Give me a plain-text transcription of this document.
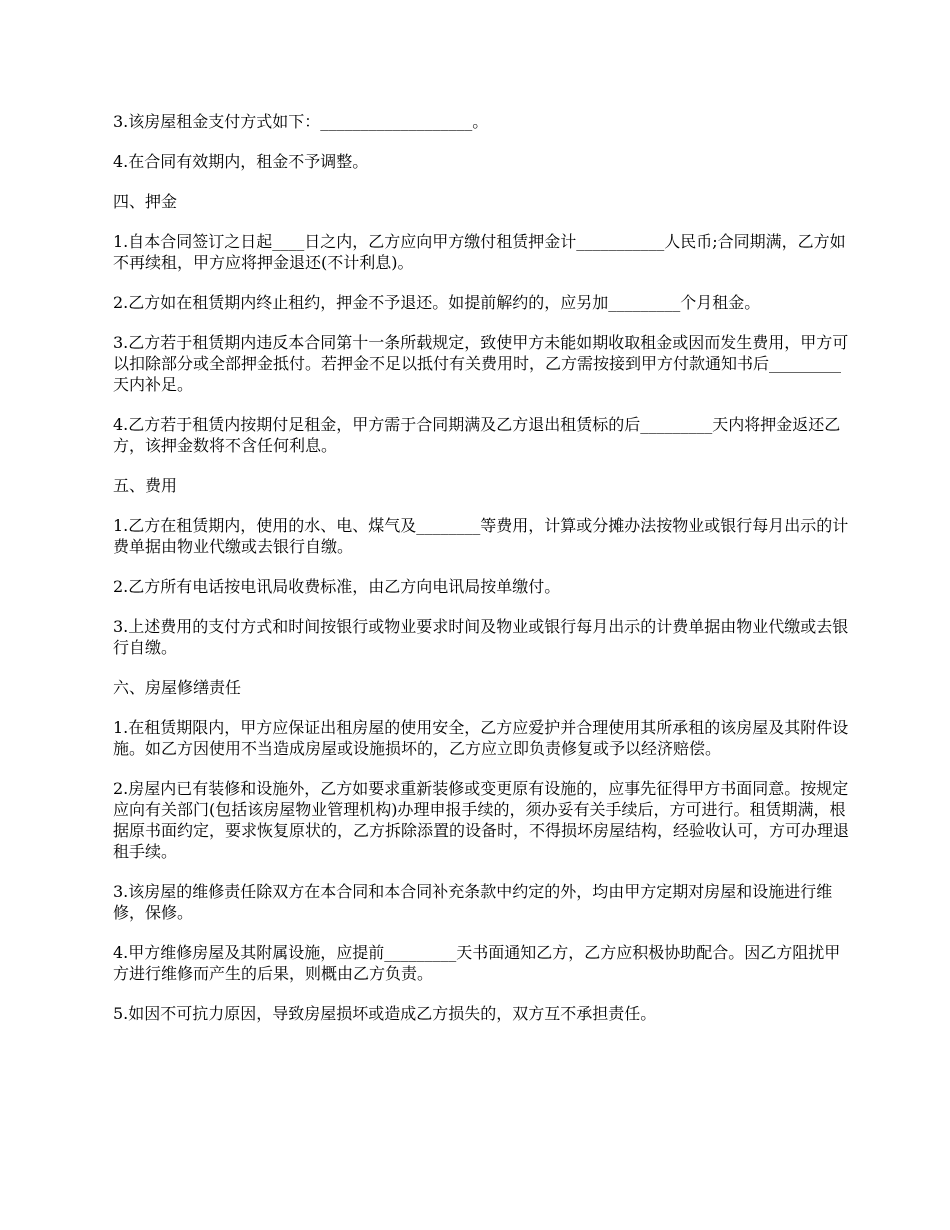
3.该房屋租金支付方式如下：___________________。

4.在合同有效期内，租金不予调整。

四、押金

1.自本合同签订之日起____日之内，乙方应向甲方缴付租赁押金计___________人民币;合同期满，乙方如不再续租，甲方应将押金退还(不计利息)。

2.乙方如在租赁期内终止租约，押金不予退还。如提前解约的，应另加_________个月租金。

3.乙方若于租赁期内违反本合同第十一条所载规定，致使甲方未能如期收取租金或因而发生费用，甲方可以扣除部分或全部押金抵付。若押金不足以抵付有关费用时，乙方需按接到甲方付款通知书后_________天内补足。

4.乙方若于租赁内按期付足租金，甲方需于合同期满及乙方退出租赁标的后_________天内将押金返还乙方，该押金数将不含任何利息。

五、费用

1.乙方在租赁期内，使用的水、电、煤气及________等费用，计算或分摊办法按物业或银行每月出示的计费单据由物业代缴或去银行自缴。

2.乙方所有电话按电讯局收费标准，由乙方向电讯局按单缴付。

3.上述费用的支付方式和时间按银行或物业要求时间及物业或银行每月出示的计费单据由物业代缴或去银行自缴。

六、房屋修缮责任

1.在租赁期限内，甲方应保证出租房屋的使用安全，乙方应爱护并合理使用其所承租的该房屋及其附件设施。如乙方因使用不当造成房屋或设施损坏的，乙方应立即负责修复或予以经济赔偿。

2.房屋内已有装修和设施外，乙方如要求重新装修或变更原有设施的，应事先征得甲方书面同意。按规定应向有关部门(包括该房屋物业管理机构)办理申报手续的，须办妥有关手续后，方可进行。租赁期满，根据原书面约定，要求恢复原状的，乙方拆除添置的设备时，不得损坏房屋结构，经验收认可，方可办理退租手续。

3.该房屋的维修责任除双方在本合同和本合同补充条款中约定的外，均由甲方定期对房屋和设施进行维修，保修。

4.甲方维修房屋及其附属设施，应提前_________天书面通知乙方，乙方应积极协助配合。因乙方阻扰甲方进行维修而产生的后果，则概由乙方负责。

5.如因不可抗力原因，导致房屋损坏或造成乙方损失的，双方互不承担责任。
